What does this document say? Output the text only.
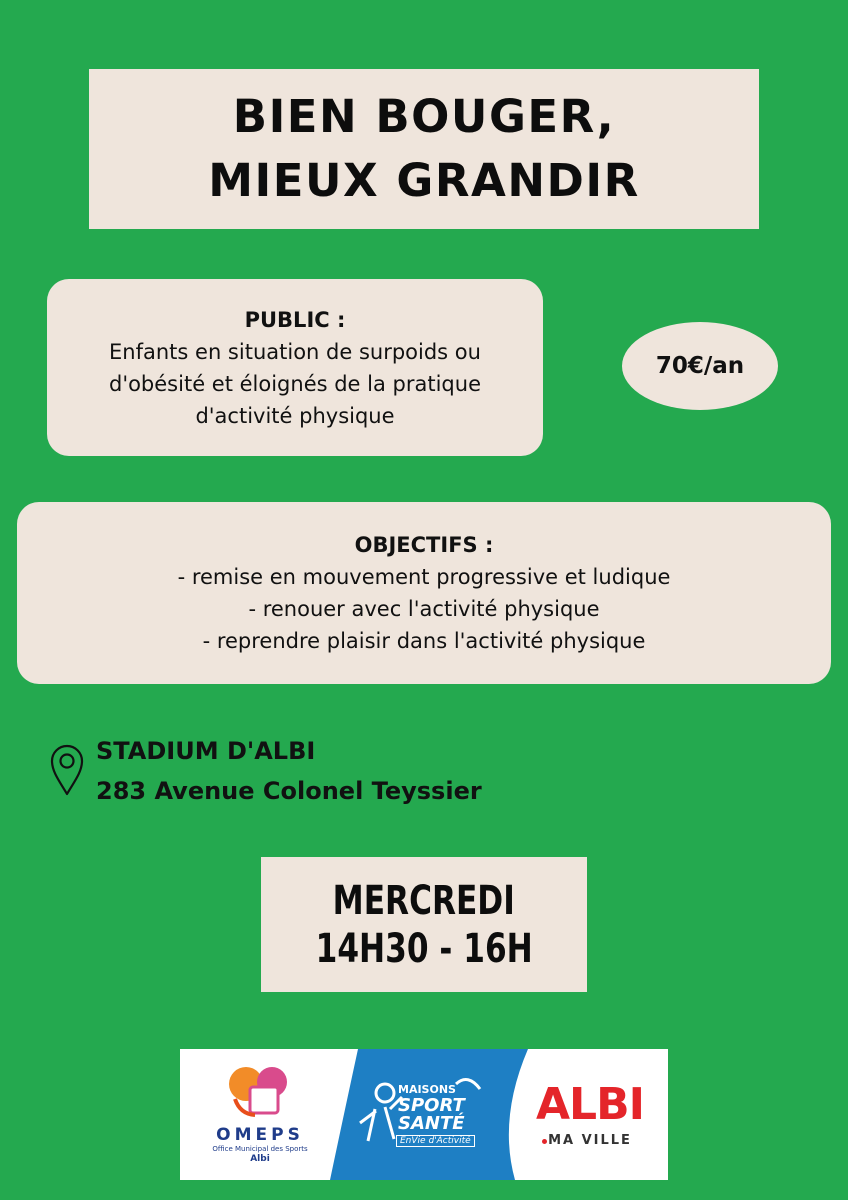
BIEN BOUGER,
MIEUX GRANDIR
PUBLIC :
Enfants en situation de surpoids ou
d'obésité et éloignés de la pratique
d'activité physique
70€/an
OBJECTIFS :
- remise en mouvement progressive et ludique
- renouer avec l'activité physique
- reprendre plaisir dans l'activité physique
STADIUM D'ALBI
283 Avenue Colonel Teyssier
MERCREDI
14H30 - 16H
OMEPS
Office Municipal des Sports
Albi
MAISONS
SPORT
SANTÉ
EnVie d'Activité
ALBI
MA VILLE
